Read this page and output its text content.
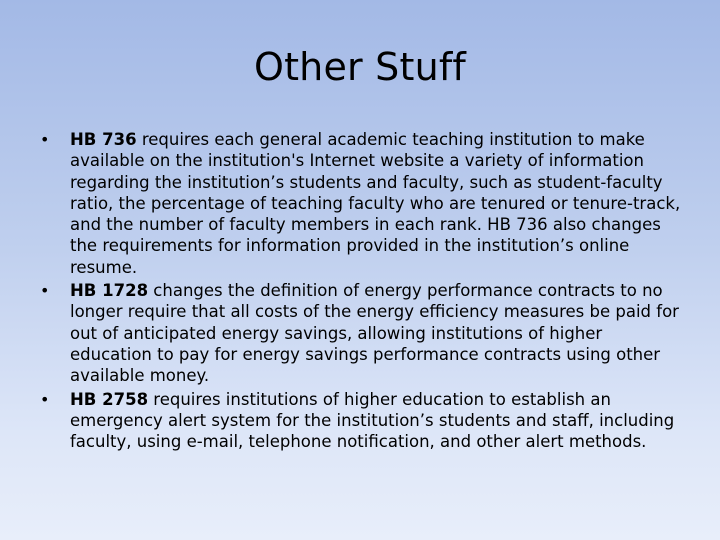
Other Stuff
• HB 736 requires each general academic teaching institution to make available on the institution's Internet website a variety of information regarding the institution’s students and faculty, such as student-faculty ratio, the percentage of teaching faculty who are tenured or tenure-track, and the number of faculty members in each rank. HB 736 also changes the requirements for information provided in the institution’s online resume.
• HB 1728 changes the definition of energy performance contracts to no longer require that all costs of the energy efficiency measures be paid for out of anticipated energy savings, allowing institutions of higher education to pay for energy savings performance contracts using other available money.
• HB 2758 requires institutions of higher education to establish an emergency alert system for the institution’s students and staff, including faculty, using e-mail, telephone notification, and other alert methods.
